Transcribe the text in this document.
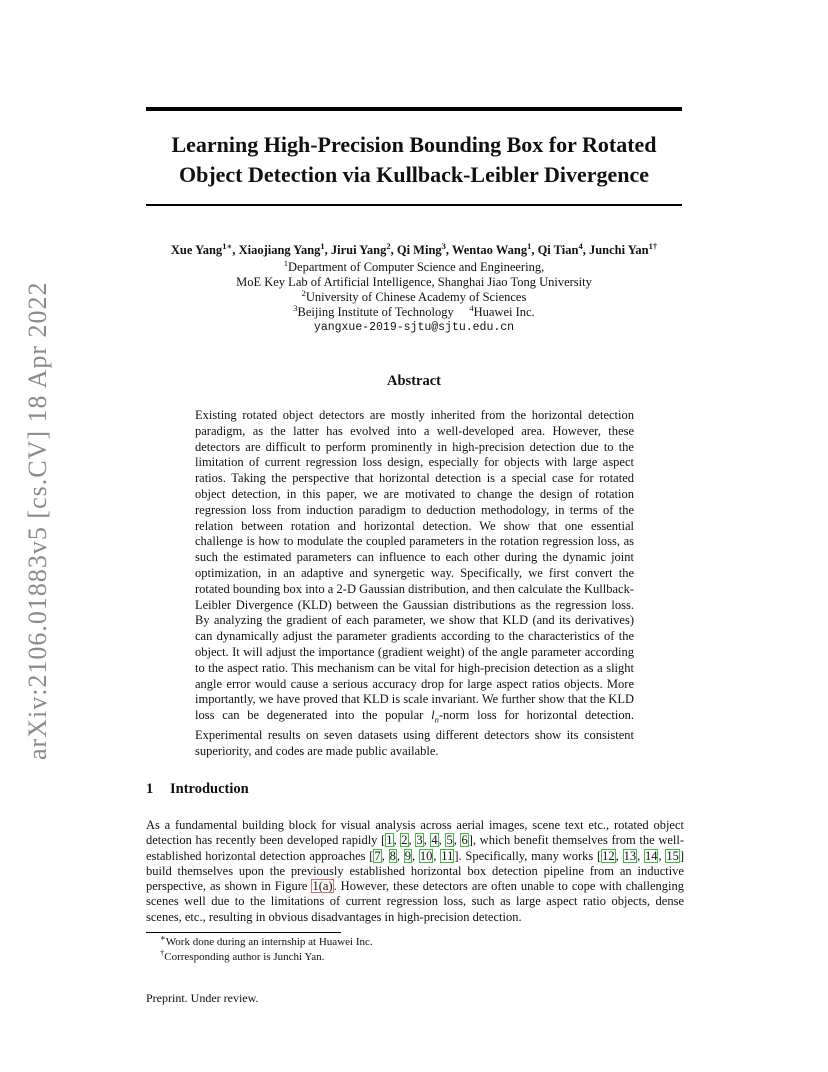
arXiv:2106.01883v5 [cs.CV] 18 Apr 2022
Learning High-Precision Bounding Box for Rotated
Object Detection via Kullback-Leibler Divergence
Xue Yang$^{1∗}$, Xiaojiang Yang$^1$, Jirui Yang$^2$, Qi Ming$^3$, Wentao Wang$^1$, Qi Tian$^4$, Junchi Yan$^{1\dagger}$
$^1$Department of Computer Science and Engineering,
MoE Key Lab of Artificial Intelligence, Shanghai Jiao Tong University
$^2$University of Chinese Academy of Sciences
$^3$Beijing Institute of Technology $^4$Huawei Inc.
yangxue-2019-sjtu@sjtu.edu.cn
Abstract
Existing rotated object detectors are mostly inherited from the horizontal detection paradigm, as the latter has evolved into a well-developed area. However, these detectors are difficult to perform prominently in high-precision detection due to the limitation of current regression loss design, especially for objects with large aspect ratios. Taking the perspective that horizontal detection is a special case for rotated object detection, in this paper, we are motivated to change the design of rotation regression loss from induction paradigm to deduction methodology, in terms of the relation between rotation and horizontal detection. We show that one essential challenge is how to modulate the coupled parameters in the rotation regression loss, as such the estimated parameters can influence to each other during the dynamic joint optimization, in an adaptive and synergetic way. Specifically, we first convert the rotated bounding box into a 2-D Gaussian distribution, and then calculate the Kullback-Leibler Divergence (KLD) between the Gaussian distributions as the regression loss. By analyzing the gradient of each parameter, we show that KLD (and its derivatives) can dynamically adjust the parameter gradients according to the characteristics of the object. It will adjust the importance (gradient weight) of the angle parameter according to the aspect ratio. This mechanism can be vital for high-precision detection as a slight angle error would cause a serious accuracy drop for large aspect ratios objects. More importantly, we have proved that KLD is scale invariant. We further show that the KLD loss can be degenerated into the popular $l_n$-norm loss for horizontal detection. Experimental results on seven datasets using different detectors show its consistent superiority, and codes are made public available.
1 Introduction
As a fundamental building block for visual analysis across aerial images, scene text etc., rotated object detection has recently been developed rapidly [1, 2, 3, 4, 5, 6], which benefit themselves from the well-established horizontal detection approaches [7, 8, 9, 10, 11]. Specifically, many works [12, 13, 14, 15] build themselves upon the previously established horizontal box detection pipeline from an inductive perspective, as shown in Figure 1(a). However, these detectors are often unable to cope with challenging scenes well due to the limitations of current regression loss, such as large aspect ratio objects, dense scenes, etc., resulting in obvious disadvantages in high-precision detection.
∗Work done during an internship at Huawei Inc.
†Corresponding author is Junchi Yan.
Preprint. Under review.
